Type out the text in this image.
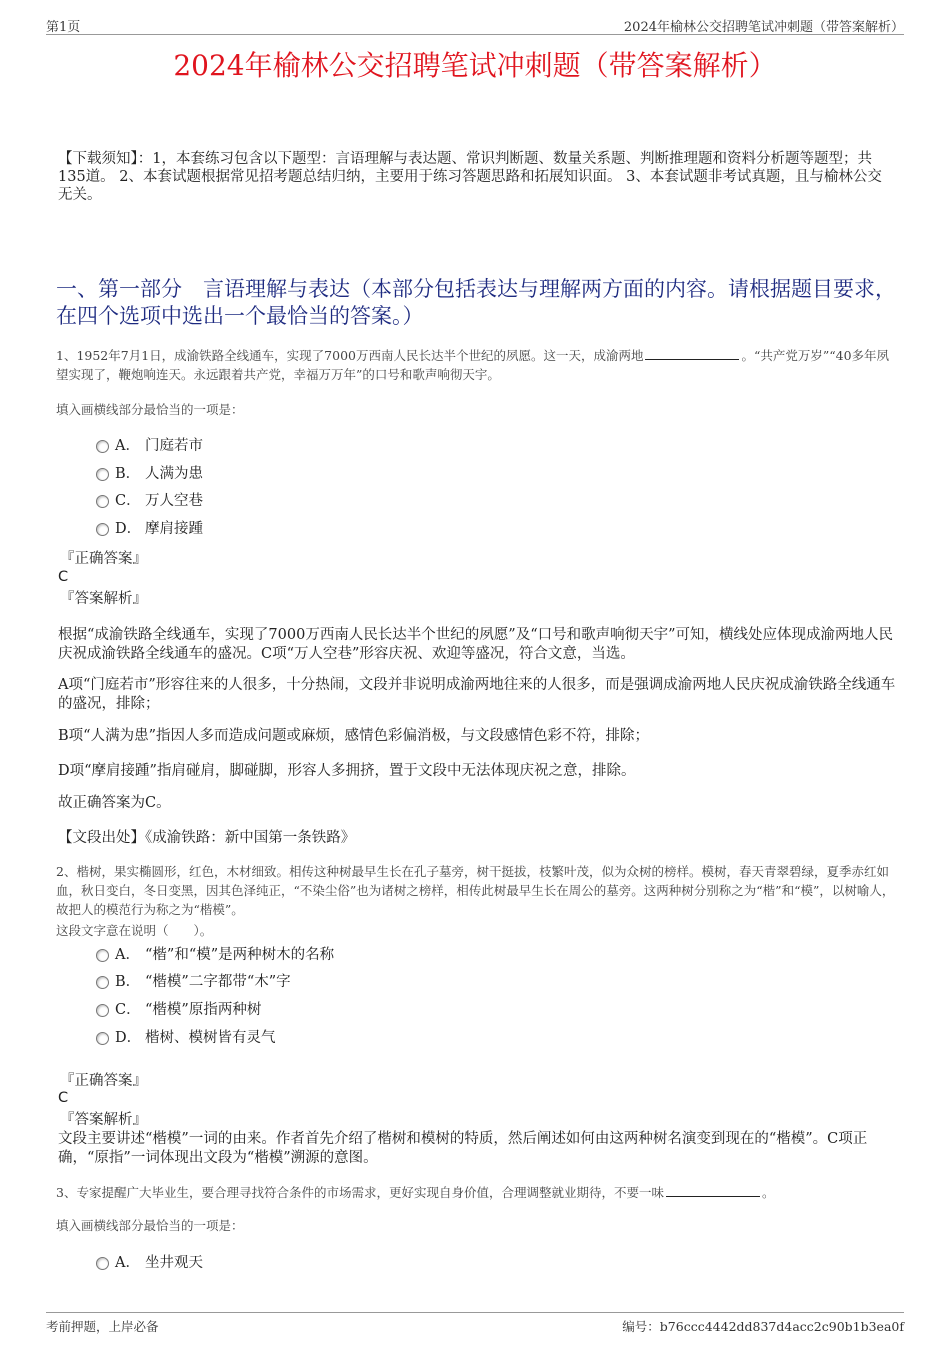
第1页	2024年榆林公交招聘笔试冲刺题（带答案解析）
2024年榆林公交招聘笔试冲刺题（带答案解析）
【下载须知】：1，本套练习包含以下题型：言语理解与表达题、常识判断题、数量关系题、判断推理题和资料分析题等题型；共135道。 2、本套试题根据常见招考题总结归纳，主要用于练习答题思路和拓展知识面。 3、本套试题非考试真题，且与榆林公交无关。
一、第一部分　言语理解与表达（本部分包括表达与理解两方面的内容。请根据题目要求，在四个选项中选出一个最恰当的答案。）
1、1952年7月1日，成渝铁路全线通车，实现了7000万西南人民长达半个世纪的夙愿。这一天，成渝两地	。“共产党万岁”“40多年夙望实现了，鞭炮响连天。永远跟着共产党，幸福万万年”的口号和歌声响彻天宇。
填入画横线部分最恰当的一项是：
A． 门庭若市
B． 人满为患
C． 万人空巷
D． 摩肩接踵
『正确答案』
C
『答案解析』
根据“成渝铁路全线通车，实现了7000万西南人民长达半个世纪的夙愿”及“口号和歌声响彻天宇”可知，横线处应体现成渝两地人民庆祝成渝铁路全线通车的盛况。C项“万人空巷”形容庆祝、欢迎等盛况，符合文意，当选。
A项“门庭若市”形容往来的人很多，十分热闹，文段并非说明成渝两地往来的人很多，而是强调成渝两地人民庆祝成渝铁路全线通车的盛况，排除；
B项“人满为患”指因人多而造成问题或麻烦，感情色彩偏消极，与文段感情色彩不符，排除；
D项“摩肩接踵”指肩碰肩，脚碰脚，形容人多拥挤，置于文段中无法体现庆祝之意，排除。
故正确答案为C。
【文段出处】《成渝铁路：新中国第一条铁路》
2、楷树，果实椭圆形，红色，木材细致。相传这种树最早生长在孔子墓旁，树干挺拔，枝繁叶茂，似为众树的榜样。模树，春天青翠碧绿，夏季赤红如血，秋日变白，冬日变黑，因其色泽纯正，“不染尘俗”也为诸树之榜样，相传此树最早生长在周公的墓旁。这两种树分别称之为“楷”和“模”，以树喻人，故把人的模范行为称之为“楷模”。
这段文字意在说明（　　）。
A． “楷”和“模”是两种树木的名称
B． “楷模”二字都带“木”字
C． “楷模”原指两种树
D． 楷树、模树皆有灵气
『正确答案』
C
『答案解析』
文段主要讲述“楷模”一词的由来。作者首先介绍了楷树和模树的特质，然后阐述如何由这两种树名演变到现在的“楷模”。C项正确，“原指”一词体现出文段为“楷模”溯源的意图。
3、专家提醒广大毕业生，要合理寻找符合条件的市场需求，更好实现自身价值，合理调整就业期待，不要一味	。
填入画横线部分最恰当的一项是：
A． 坐井观天
考前押题，上岸必备	编号：b76ccc4442dd837d4acc2c90b1b3ea0f
